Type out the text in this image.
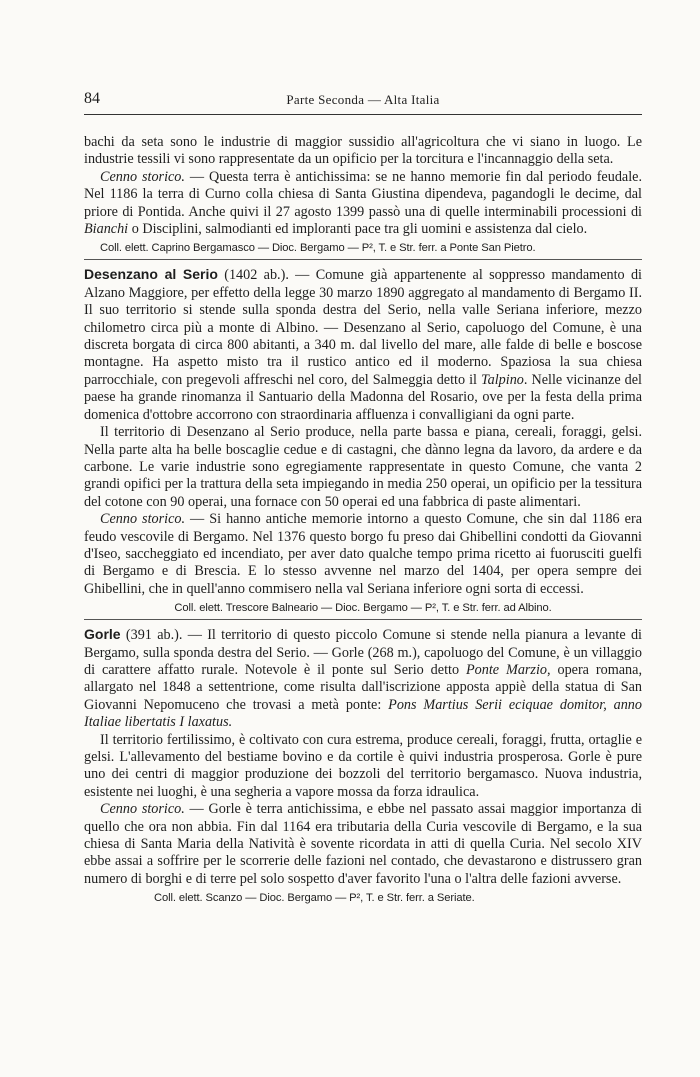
84	Parte Seconda — Alta Italia

bachi da seta sono le industrie di maggior sussidio all'agricoltura che vi siano in luogo. Le industrie tessili vi sono rappresentate da un opificio per la torcitura e l'incannaggio della seta.

Cenno storico. — Questa terra è antichissima: se ne hanno memorie fin dal periodo feudale. Nel 1186 la terra di Curno colla chiesa di Santa Giustina dipendeva, pagandogli le decime, dal priore di Pontida. Anche quivi il 27 agosto 1399 passò una di quelle interminabili processioni di Bianchi o Disciplini, salmodianti ed imploranti pace tra gli uomini e assistenza dal cielo.

Coll. elett. Caprino Bergamasco — Dioc. Bergamo — P², T. e Str. ferr. a Ponte San Pietro.

Desenzano al Serio (1402 ab.). — Comune già appartenente al soppresso mandamento di Alzano Maggiore, per effetto della legge 30 marzo 1890 aggregato al mandamento di Bergamo II. Il suo territorio si stende sulla sponda destra del Serio, nella valle Seriana inferiore, mezzo chilometro circa più a monte di Albino. — Desenzano al Serio, capoluogo del Comune, è una discreta borgata di circa 800 abitanti, a 340 m. dal livello del mare, alle falde di belle e boscose montagne. Ha aspetto misto tra il rustico antico ed il moderno. Spaziosa la sua chiesa parrocchiale, con pregevoli affreschi nel coro, del Salmeggia detto il Talpino. Nelle vicinanze del paese ha grande rinomanza il Santuario della Madonna del Rosario, ove per la festa della prima domenica d'ottobre accorrono con straordinaria affluenza i convalligiani da ogni parte.

Il territorio di Desenzano al Serio produce, nella parte bassa e piana, cereali, foraggi, gelsi. Nella parte alta ha belle boscaglie cedue e di castagni, che dànno legna da lavoro, da ardere e da carbone. Le varie industrie sono egregiamente rappresentate in questo Comune, che vanta 2 grandi opifici per la trattura della seta impiegando in media 250 operai, un opificio per la tessitura del cotone con 90 operai, una fornace con 50 operai ed una fabbrica di paste alimentari.

Cenno storico. — Si hanno antiche memorie intorno a questo Comune, che sin dal 1186 era feudo vescovile di Bergamo. Nel 1376 questo borgo fu preso dai Ghibellini condotti da Giovanni d'Iseo, saccheggiato ed incendiato, per aver dato qualche tempo prima ricetto ai fuorusciti guelfi di Bergamo e di Brescia. E lo stesso avvenne nel marzo del 1404, per opera sempre dei Ghibellini, che in quell'anno commisero nella val Seriana inferiore ogni sorta di eccessi.

Coll. elett. Trescore Balneario — Dioc. Bergamo — P², T. e Str. ferr. ad Albino.

Gorle (391 ab.). — Il territorio di questo piccolo Comune si stende nella pianura a levante di Bergamo, sulla sponda destra del Serio. — Gorle (268 m.), capoluogo del Comune, è un villaggio di carattere affatto rurale. Notevole è il ponte sul Serio detto Ponte Marzio, opera romana, allargato nel 1848 a settentrione, come risulta dall'iscrizione apposta appiè della statua di San Giovanni Nepomuceno che trovasi a metà ponte: Pons Martius Serii eciquae domitor, anno Italiae libertatis I laxatus.

Il territorio fertilissimo, è coltivato con cura estrema, produce cereali, foraggi, frutta, ortaglie e gelsi. L'allevamento del bestiame bovino e da cortile è quivi industria prosperosa. Gorle è pure uno dei centri di maggior produzione dei bozzoli del territorio bergamasco. Nuova industria, esistente nei luoghi, è una segheria a vapore mossa da forza idraulica.

Cenno storico. — Gorle è terra antichissima, e ebbe nel passato assai maggior importanza di quello che ora non abbia. Fin dal 1164 era tributaria della Curia vescovile di Bergamo, e la sua chiesa di Santa Maria della Natività è sovente ricordata in atti di quella Curia. Nel secolo XIV ebbe assai a soffrire per le scorrerie delle fazioni nel contado, che devastarono e distrussero gran numero di borghi e di terre pel solo sospetto d'aver favorito l'una o l'altra delle fazioni avverse.

Coll. elett. Scanzo — Dioc. Bergamo — P², T. e Str. ferr. a Seriate.
